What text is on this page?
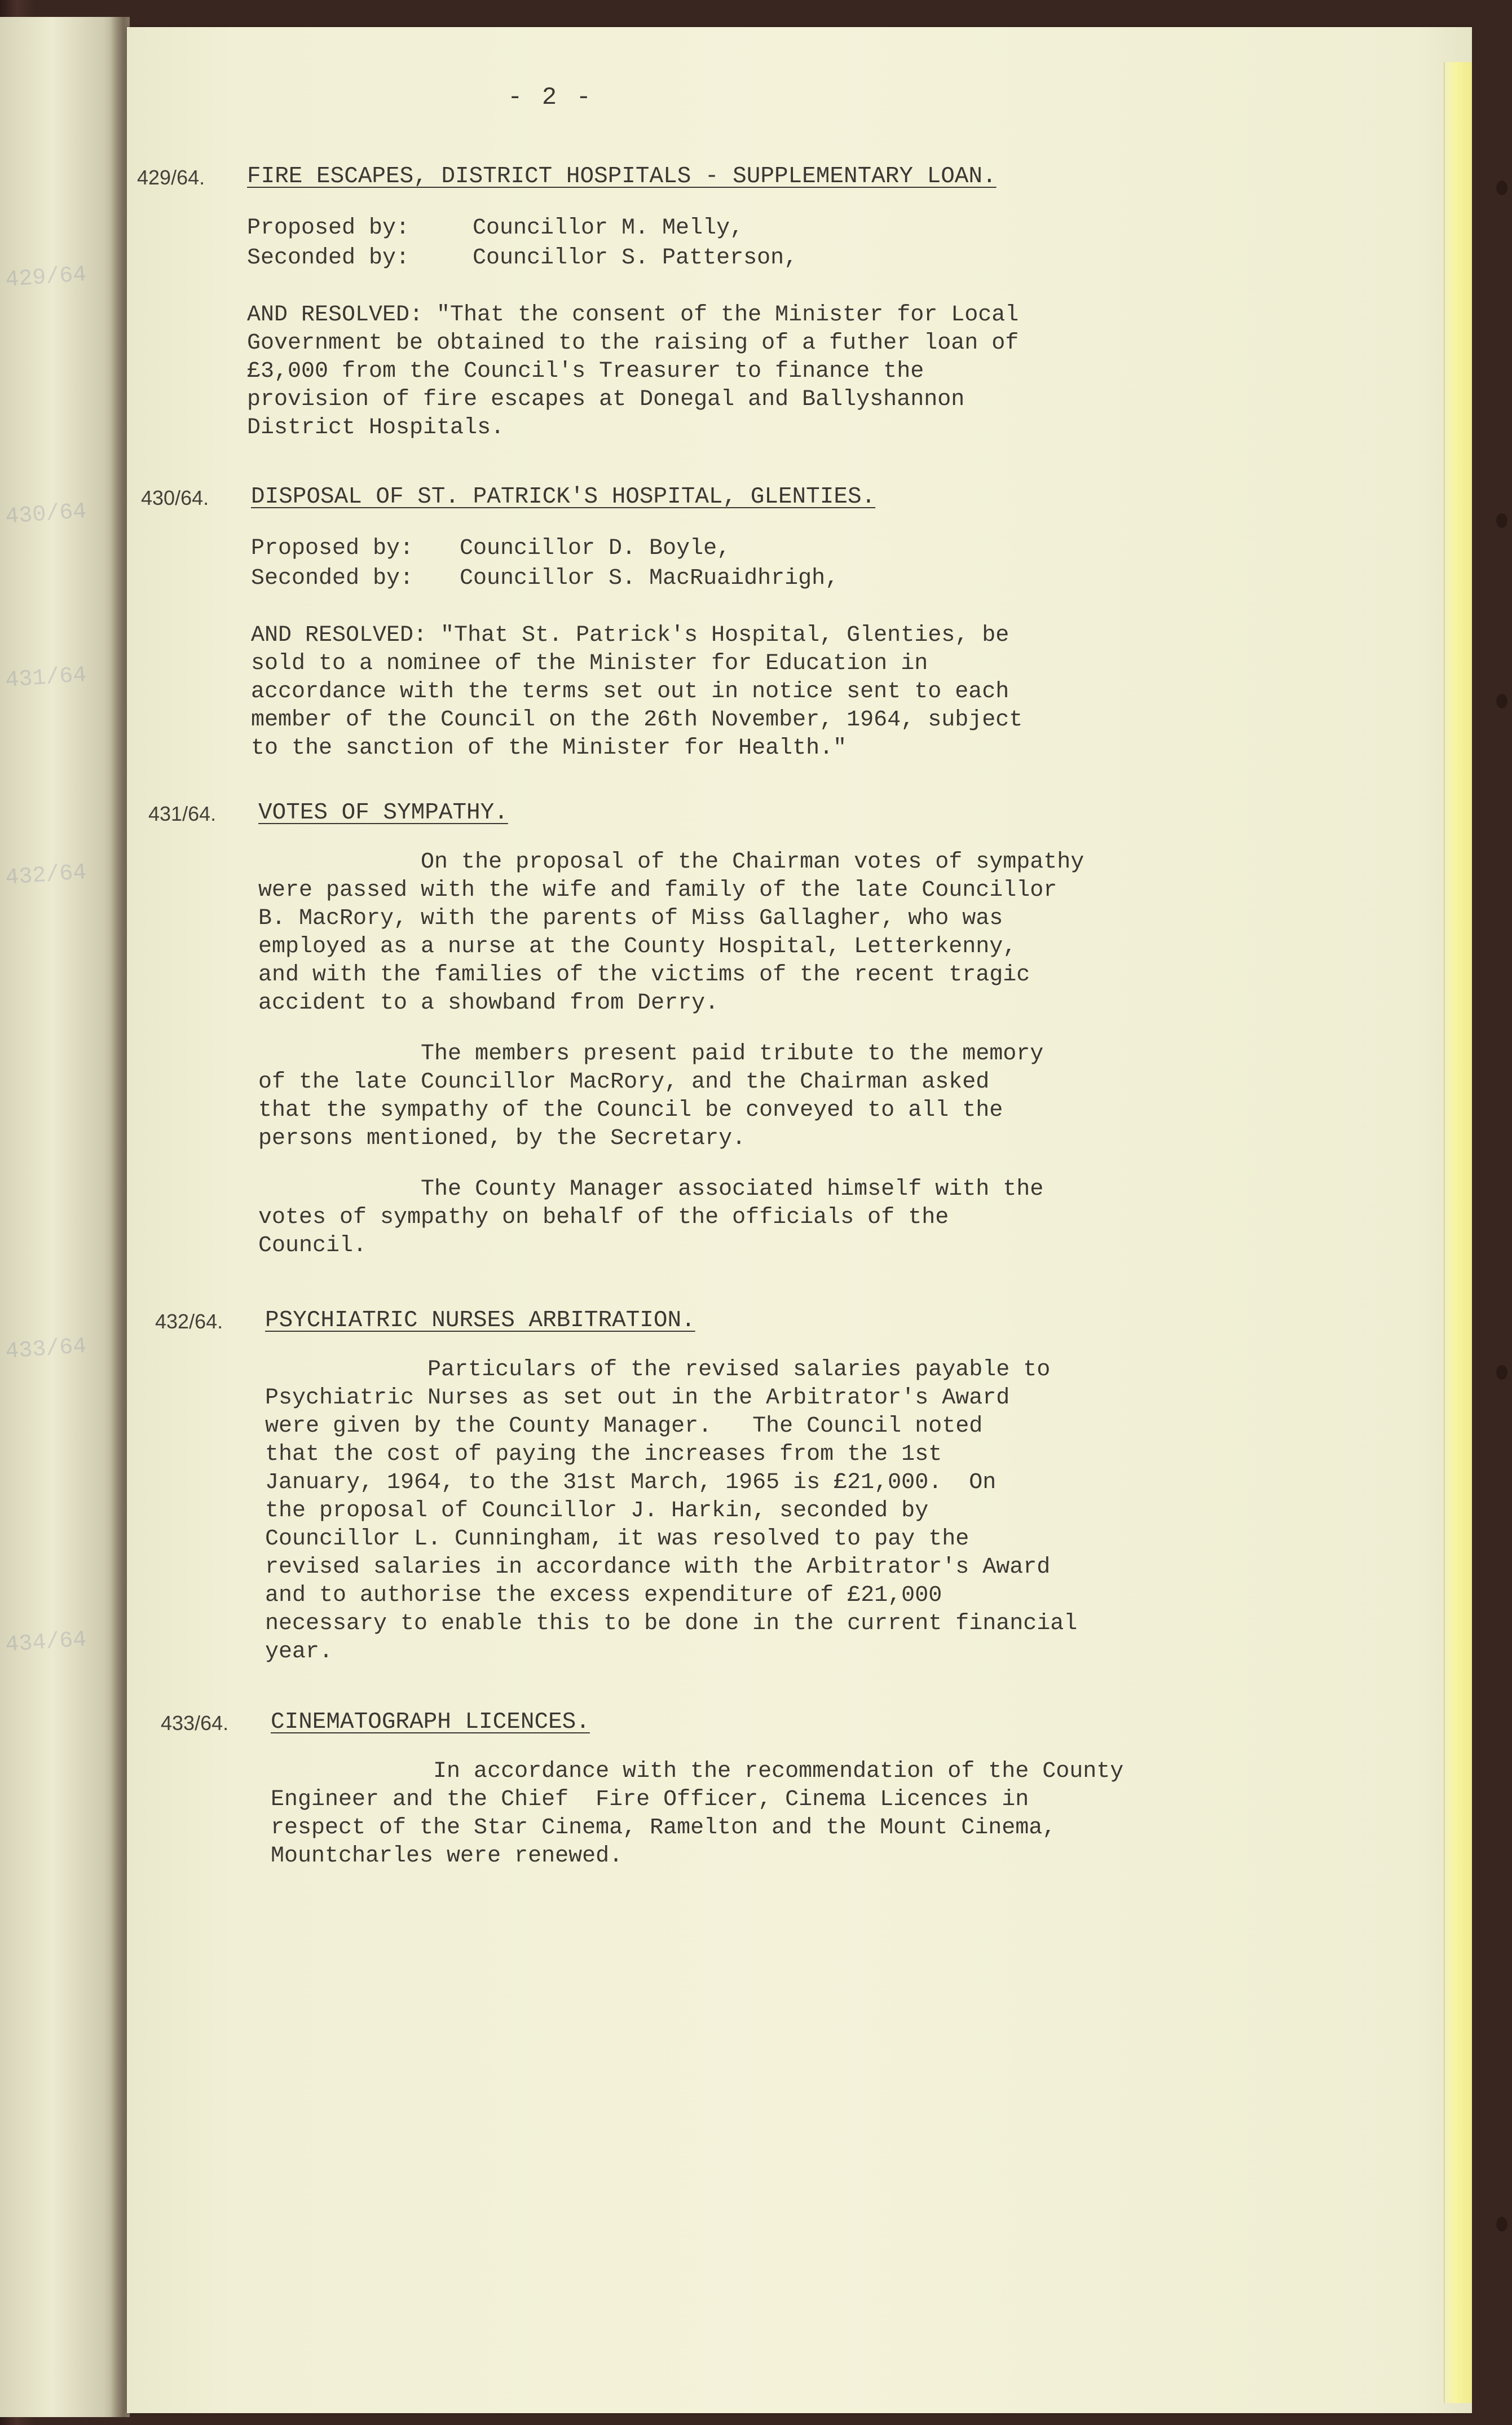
429/64
430/64
431/64
432/64
433/64
434/64
- 2 -
429/64. FIRE ESCAPES, DISTRICT HOSPITALS - SUPPLEMENTARY LOAN.

Proposed by:	Councillor M. Melly,
Seconded by:	Councillor S. Patterson,

AND RESOLVED: "That the consent of the Minister for Local
Government be obtained to the raising of a futher loan of
£3,000 from the Council's Treasurer to finance the
provision of fire escapes at Donegal and Ballyshannon
District Hospitals.

430/64. DISPOSAL OF ST. PATRICK'S HOSPITAL, GLENTIES.

Proposed by:	Councillor D. Boyle,
Seconded by:	Councillor S. MacRuaidhrigh,

AND RESOLVED: "That St. Patrick's Hospital, Glenties, be
sold to a nominee of the Minister for Education in
accordance with the terms set out in notice sent to each
member of the Council on the 26th November, 1964, subject
to the sanction of the Minister for Health."

431/64. VOTES OF SYMPATHY.

On the proposal of the Chairman votes of sympathy
were passed with the wife and family of the late Councillor
B. MacRory, with the parents of Miss Gallagher, who was
employed as a nurse at the County Hospital, Letterkenny,
and with the families of the victims of the recent tragic
accident to a showband from Derry.

The members present paid tribute to the memory
of the late Councillor MacRory, and the Chairman asked
that the sympathy of the Council be conveyed to all the
persons mentioned, by the Secretary.

The County Manager associated himself with the
votes of sympathy on behalf of the officials of the
Council.

432/64. PSYCHIATRIC NURSES ARBITRATION.

Particulars of the revised salaries payable to
Psychiatric Nurses as set out in the Arbitrator's Award
were given by the County Manager.   The Council noted
that the cost of paying the increases from the 1st
January, 1964, to the 31st March, 1965 is £21,000.  On
the proposal of Councillor J. Harkin, seconded by
Councillor L. Cunningham, it was resolved to pay the
revised salaries in accordance with the Arbitrator's Award
and to authorise the excess expenditure of £21,000
necessary to enable this to be done in the current financial
year.

433/64. CINEMATOGRAPH LICENCES.

In accordance with the recommendation of the County
Engineer and the Chief  Fire Officer, Cinema Licences in
respect of the Star Cinema, Ramelton and the Mount Cinema,
Mountcharles were renewed.
